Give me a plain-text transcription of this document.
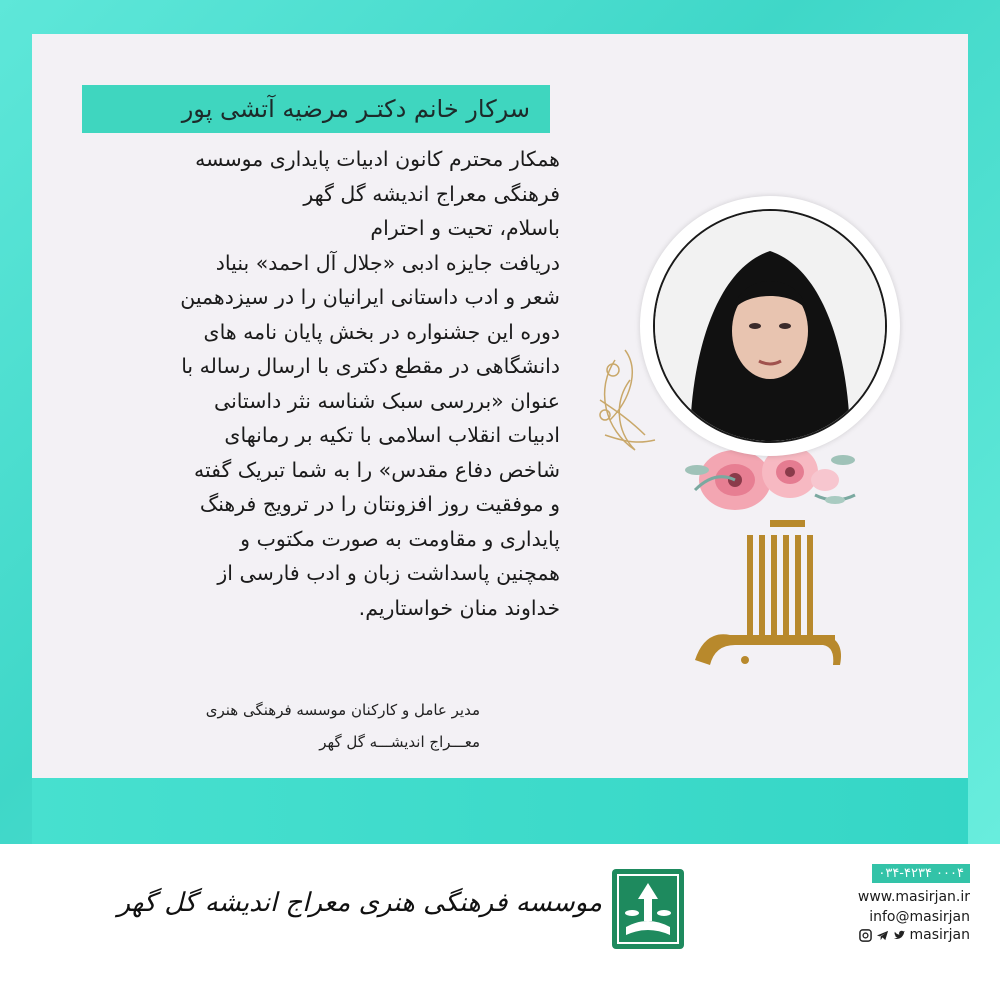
سرکار خانم دکتـر مرضیه آتشی پور
همکار محترم کانون ادبیات پایداری موسسه
فرهنگی معراج اندیشه گل گهر
باسلام، تحیت و احترام
دریافت جایزه ادبی «جلال آل احمد» بنیاد
شعر و ادب داستانی ایرانیان را در سیزدهمین
دوره این جشنواره در بخش پایان نامه های
دانشگاهی در مقطع دکتری با ارسال رساله با
عنوان «بررسی سبک شناسه نثر داستانی
ادبیات انقلاب اسلامی با تکیه بر رمانهای
شاخص دفاع مقدس» را به شما تبریک گفته
و موفقیت روز افزونتان را در ترویج فرهنگ
پایداری و مقاومت به صورت مکتوب و
همچنین پاسداشت زبان و ادب فارسی از
خداوند منان خواستاریم.
مدیر عامل و کارکنان موسسه فرهنگی هنری
معـــراج اندیشـــه گل گهر
موسسه فرهنگی هنری معراج اندیشه گل گهر
۰۳۴-۴۲۳۴ ۰۰۰۴
www.masirjan.ir
info@masirjan
masirjan
